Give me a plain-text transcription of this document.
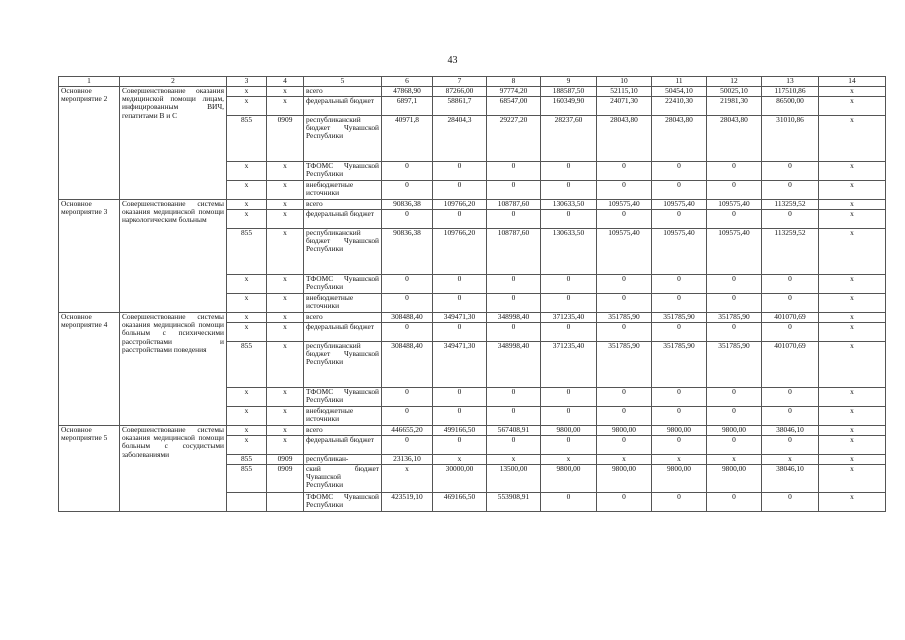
43
1	2	3	4	5	6	7	8	9	10	11	12	13	14
Основное мероприятие 2	Совершенствование оказания медицинской помощи лицам, инфицированным ВИЧ, гепатитами B и C	x	x	всего	47868,90	87266,00	97774,20	188587,50	52115,10	50454,10	50025,10	117510,86	x
		x	x	федеральный бюджет	6897,1	58861,7	68547,00	160349,90	24071,30	22410,30	21981,30	86500,00	x
		855	0909	республиканский бюджет Чувашской Республики	40971,8	28404,3	29227,20	28237,60	28043,80	28043,80	28043,80	31010,86	x
		x	x	ТФОМС Чувашской Республики	0	0	0	0	0	0	0	0	x
		x	x	внебюджетные источники	0	0	0	0	0	0	0	0	x
Основное мероприятие 3	Совершенствование системы оказания медицинской помощи наркологическим больным	x	x	всего	90836,38	109766,20	108787,60	130633,50	109575,40	109575,40	109575,40	113259,52	x
		x	x	федеральный бюджет	0	0	0	0	0	0	0	0	x
		855	x	республиканский бюджет Чувашской Республики	90836,38	109766,20	108787,60	130633,50	109575,40	109575,40	109575,40	113259,52	x
		x	x	ТФОМС Чувашской Республики	0	0	0	0	0	0	0	0	x
		x	x	внебюджетные источники	0	0	0	0	0	0	0	0	x
Основное мероприятие 4	Совершенствование системы оказания медицинской помощи больным с психическими расстройствами и расстройствами поведения	x	x	всего	308488,40	349471,30	348998,40	371235,40	351785,90	351785,90	351785,90	401070,69	x
		x	x	федеральный бюджет	0	0	0	0	0	0	0	0	x
		855	x	республиканский бюджет Чувашской Республики	308488,40	349471,30	348998,40	371235,40	351785,90	351785,90	351785,90	401070,69	x
		x	x	ТФОМС Чувашской Республики	0	0	0	0	0	0	0	0	x
		x	x	внебюджетные источники	0	0	0	0	0	0	0	0	x
Основное мероприятие 5	Совершенствование системы оказания медицинской помощи больным с сосудистыми заболеваниями	x	x	всего	446655,20	499166,50	567408,91	9800,00	9800,00	9800,00	9800,00	38046,10	x
		x	x	федеральный бюджет	0	0	0	0	0	0	0	0	x
		855	0909	республикан-	23136,10	x	x	x	x	x	x	x	x
		855	0909	ский бюджет Чувашской Республики	x	30000,00	13500,00	9800,00	9800,00	9800,00	9800,00	38046,10	x
				ТФОМС Чувашской Республики	423519,10	469166,50	553908,91	0	0	0	0	0	x
